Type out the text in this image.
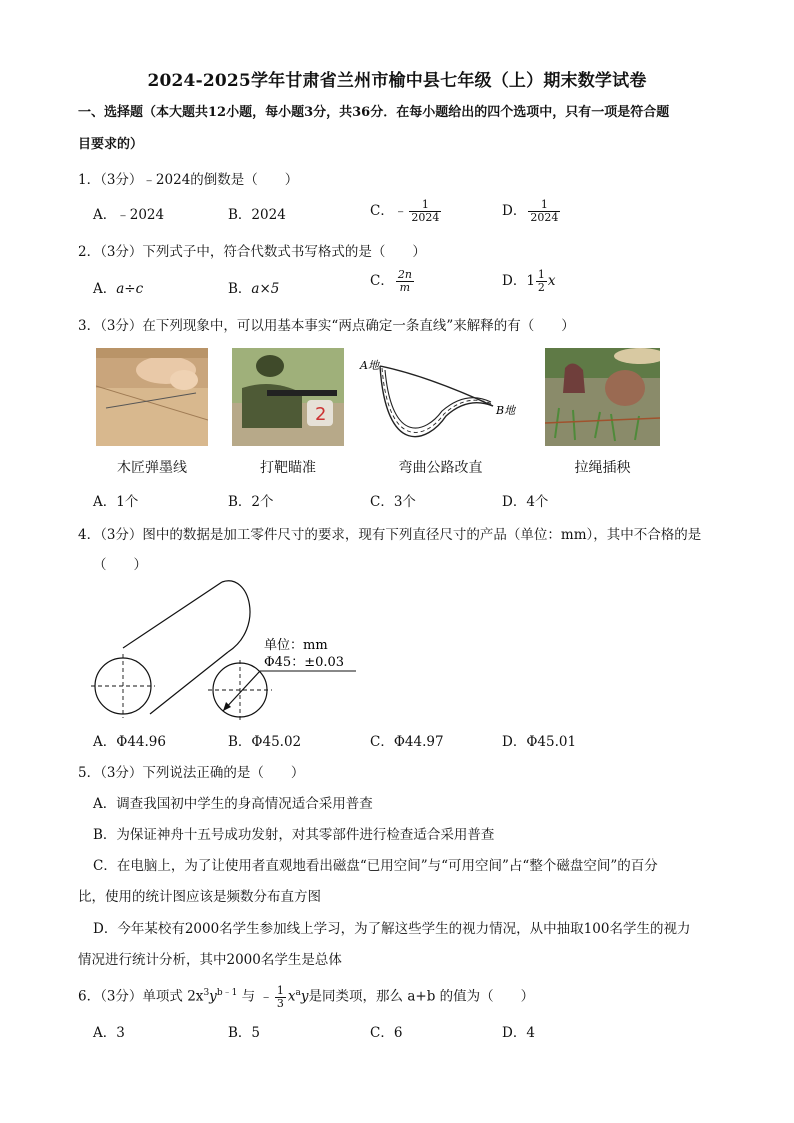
2024-2025学年甘肃省兰州市榆中县七年级（上）期末数学试卷
一、选择题（本大题共12小题，每小题3分，共36分．在每小题给出的四个选项中，只有一项是符合题
目要求的）
1．（3分）﹣2024的倒数是（　　）
A．﹣2024	B．2024	C．﹣ $\frac{1}{2024}$	D． $\frac{1}{2024}$
2．（3分）下列式子中，符合代数式书写格式的是（　　）
A．a÷c	B．a×5	C． $\frac{2n}{m}$	D．$1 \frac{1}{2}$ x
3．（3分）在下列现象中，可以用基本事实“两点确定一条直线”来解释的有（　　）
2
A地
B地
木匠弹墨线	打靶瞄准	弯曲公路改直	拉绳插秧
A．1个	B．2个	C．3个	D．4个
4．（3分）图中的数据是加工零件尺寸的要求，现有下列直径尺寸的产品（单位：mm），其中不合格的是
（　　）
单位：mm
Φ45：±0.03
A．Φ44.96	B．Φ45.02	C．Φ44.97	D．Φ45.01
5．（3分）下列说法正确的是（　　）
A．调查我国初中学生的身高情况适合采用普查
B．为保证神舟十五号成功发射，对其零部件进行检查适合采用普查
C．在电脑上，为了让使用者直观地看出磁盘“已用空间”与“可用空间”占“整个磁盘空间”的百分
比，使用的统计图应该是频数分布直方图
D．今年某校有2000名学生参加线上学习，为了解这些学生的视力情况，从中抽取100名学生的视力
情况进行统计分析，其中2000名学生是总体
6．（3分）单项式 $2x^3y^{b﹣1}$ 与 ﹣ $\frac{1}{3} x^ay$是同类项，那么 a+b 的值为（　　）
A．3	B．5	C．6	D．4
